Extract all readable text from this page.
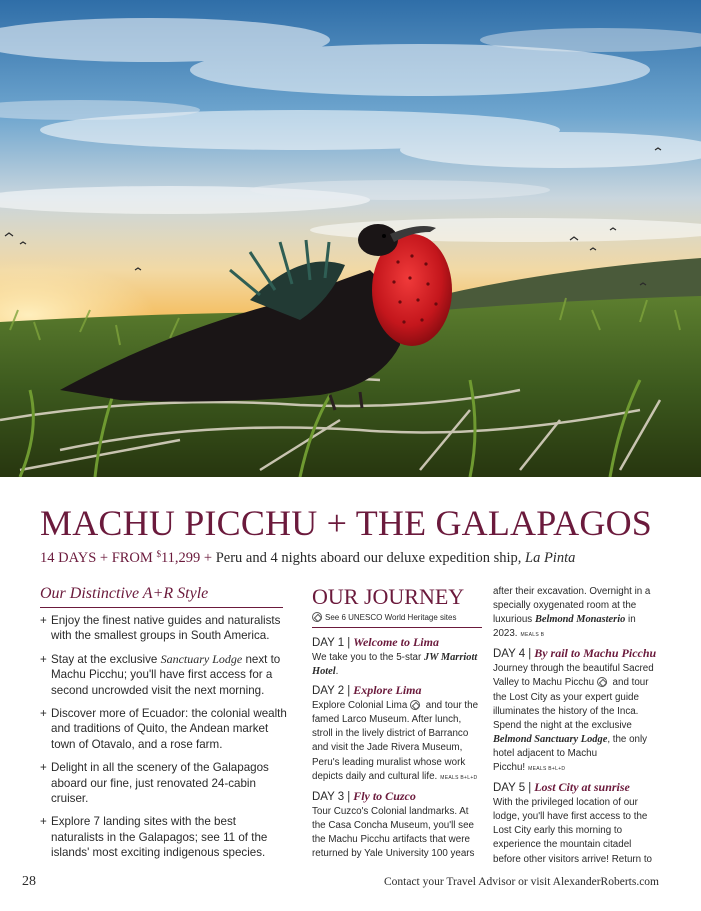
MACHU PICCHU + THE GALAPAGOS
14 DAYS + FROM $11,299 + Peru and 4 nights aboard our deluxe expedition ship, La Pinta
Our Distinctive A+R Style
+ Enjoy the finest native guides and naturalists with the smallest groups in South America.
+ Stay at the exclusive Sanctuary Lodge next to Machu Picchu; you'll have first access for a second uncrowded visit the next morning.
+ Discover more of Ecuador: the colonial wealth and traditions of Quito, the Andean market town of Otavalo, and a rose farm.
+ Delight in all the scenery of the Galapagos aboard our fine, just renovated 24-cabin cruiser.
+ Explore 7 landing sites with the best naturalists in the Galapagos; see 11 of the islands' most exciting indigenous species.
OUR JOURNEY
See 6 UNESCO World Heritage sites
DAY 1 | Welcome to Lima
We take you to the 5-star JW Marriott Hotel.
DAY 2 | Explore Lima
Explore Colonial Lima  and tour the famed Larco Museum. After lunch, stroll in the lively district of Barranco and visit the Jade Rivera Museum, Peru's leading muralist whose work depicts daily and cultural life. MEALS B+L+D
DAY 3 | Fly to Cuzco
Tour Cuzco's Colonial landmarks. At the Casa Concha Museum, you'll see the Machu Picchu artifacts that were returned by Yale University 100 years
after their excavation. Overnight in a specially oxygenated room at the luxurious Belmond Monasterio in 2023. MEALS B
DAY 4 | By rail to Machu Picchu
Journey through the beautiful Sacred Valley to Machu Picchu  and tour the Lost City as your expert guide illuminates the history of the Inca. Spend the night at the exclusive Belmond Sanctuary Lodge, the only hotel adjacent to Machu Picchu! MEALS B+L+D
DAY 5 | Lost City at sunrise
With the privileged location of our lodge, you'll have first access to the Lost City early this morning to experience the mountain citadel before other visitors arrive! Return to
28	Contact your Travel Advisor or visit AlexanderRoberts.com
